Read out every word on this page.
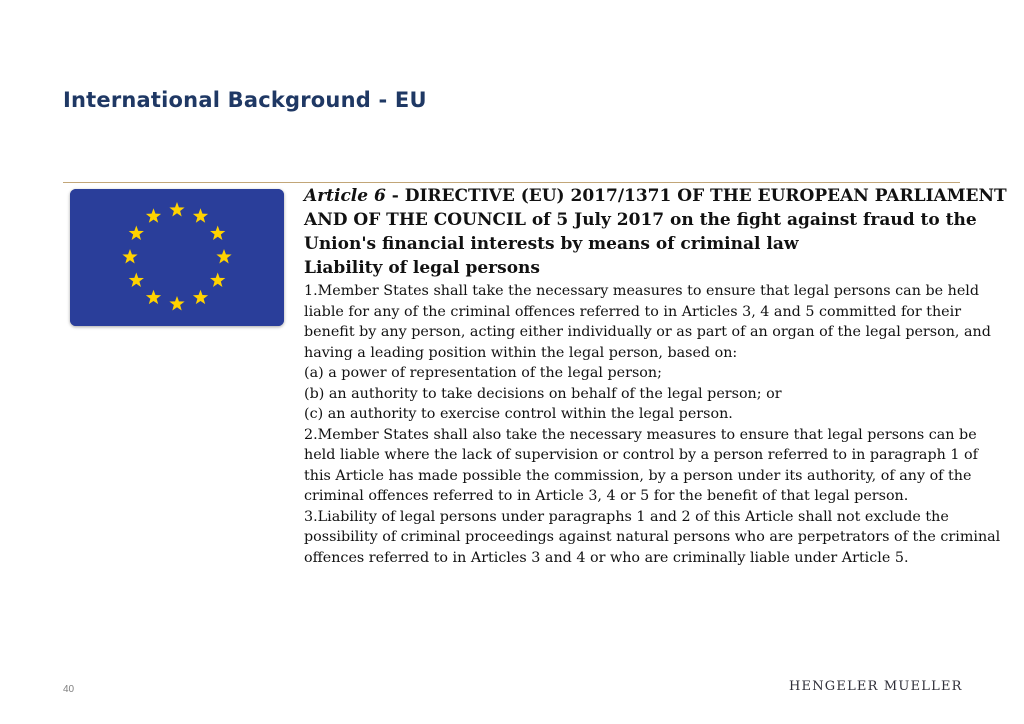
International Background - EU

Article 6 - DIRECTIVE (EU) 2017/1371 OF THE EUROPEAN PARLIAMENT AND OF THE COUNCIL of 5 July 2017 on the fight against fraud to the Union's financial interests by means of criminal law

Liability of legal persons

1.Member States shall take the necessary measures to ensure that legal persons can be held liable for any of the criminal offences referred to in Articles 3, 4 and 5 committed for their benefit by any person, acting either individually or as part of an organ of the legal person, and having a leading position within the legal person, based on:

(a) a power of representation of the legal person;

(b) an authority to take decisions on behalf of the legal person; or

(c) an authority to exercise control within the legal person.

2.Member States shall also take the necessary measures to ensure that legal persons can be held liable where the lack of supervision or control by a person referred to in paragraph 1 of this Article has made possible the commission, by a person under its authority, of any of the criminal offences referred to in Article 3, 4 or 5 for the benefit of that legal person.

3.Liability of legal persons under paragraphs 1 and 2 of this Article shall not exclude the possibility of criminal proceedings against natural persons who are perpetrators of the criminal offences referred to in Articles 3 and 4 or who are criminally liable under Article 5.

40	HENGELER MUELLER
